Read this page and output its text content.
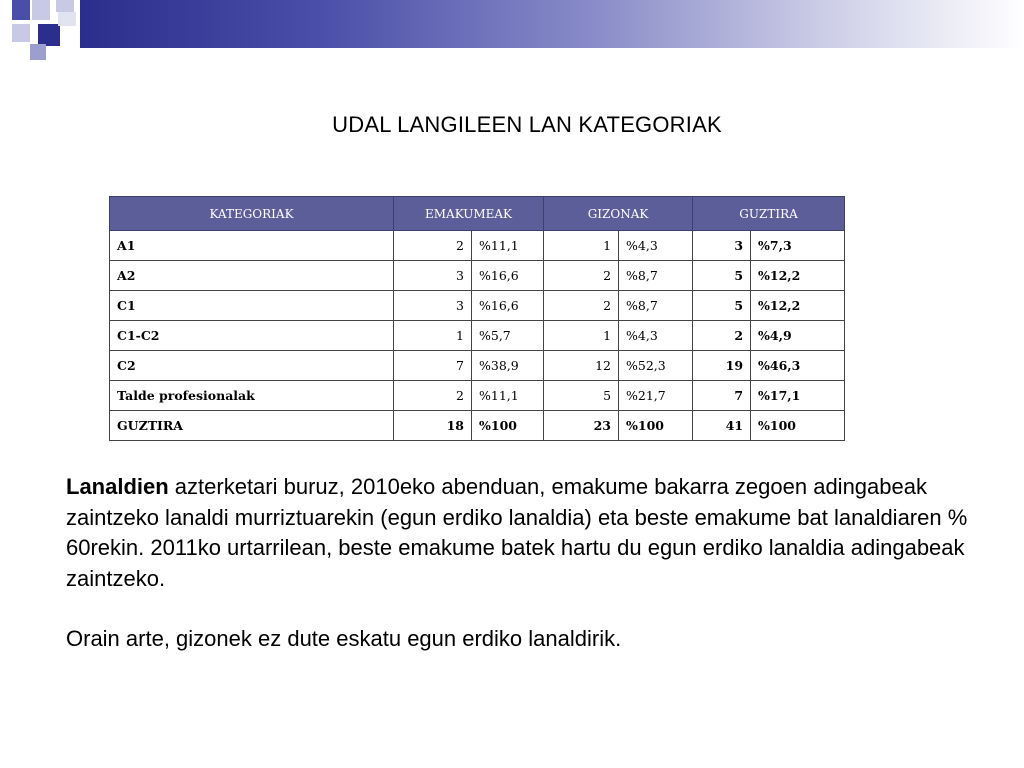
UDAL LANGILEEN LAN KATEGORIAK
KATEGORIAK	EMAKUMEAK		GIZONAK		GUZTIRA	
A1	2	%11,1	1	%4,3	3	%7,3
A2	3	%16,6	2	%8,7	5	%12,2
C1	3	%16,6	2	%8,7	5	%12,2
C1-C2	1	%5,7	1	%4,3	2	%4,9
C2	7	%38,9	12	%52,3	19	%46,3
Talde profesionalak	2	%11,1	5	%21,7	7	%17,1
GUZTIRA	18	%100	23	%100	41	%100

Lanaldien azterketari buruz, 2010eko abenduan, emakume bakarra zegoen adingabeak zaintzeko lanaldi murriztuarekin (egun erdiko lanaldia) eta beste emakume bat lanaldiaren % 60rekin. 2011ko urtarrilean, beste emakume batek hartu du egun erdiko lanaldia adingabeak zaintzeko.

Orain arte, gizonek ez dute eskatu egun erdiko lanaldirik.
